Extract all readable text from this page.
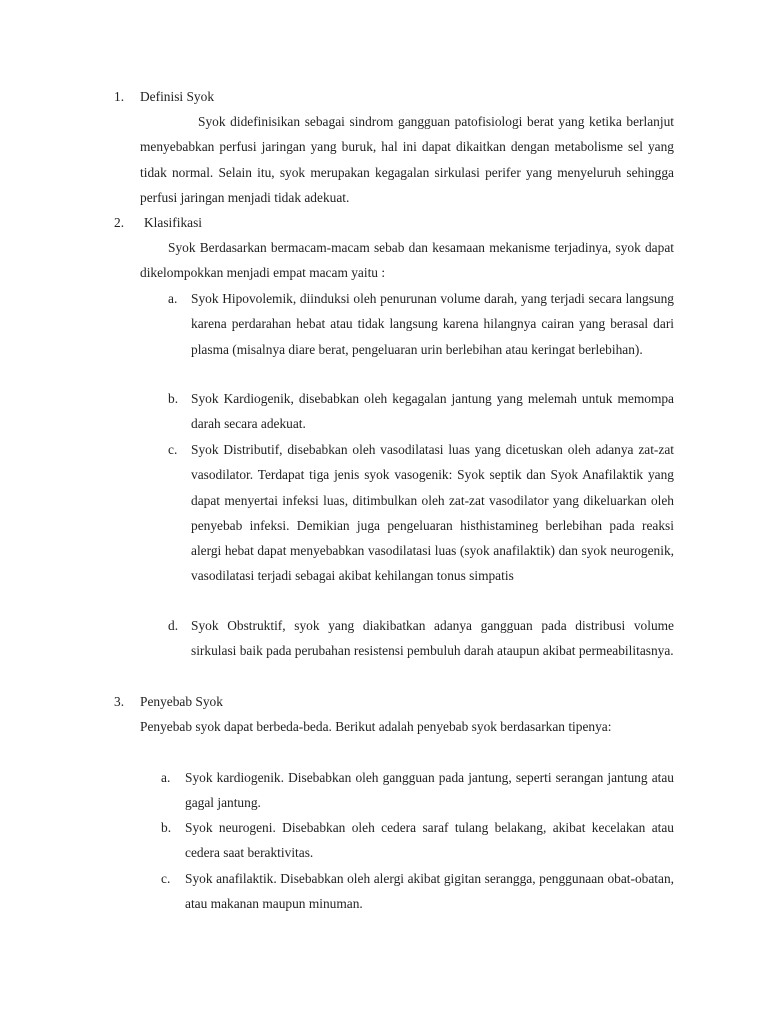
1. Definisi Syok
Syok didefinisikan sebagai sindrom gangguan patofisiologi berat yang ketika berlanjut menyebabkan perfusi jaringan yang buruk, hal ini dapat dikaitkan dengan metabolisme sel yang tidak normal. Selain itu, syok merupakan kegagalan sirkulasi perifer yang menyeluruh sehingga perfusi jaringan menjadi tidak adekuat.
2. Klasifikasi
Syok Berdasarkan bermacam-macam sebab dan kesamaan mekanisme terjadinya, syok dapat dikelompokkan menjadi empat macam yaitu :
a. Syok Hipovolemik, diinduksi oleh penurunan volume darah, yang terjadi secara langsung karena perdarahan hebat atau tidak langsung karena hilangnya cairan yang berasal dari plasma (misalnya diare berat, pengeluaran urin berlebihan atau keringat berlebihan).
b. Syok Kardiogenik, disebabkan oleh kegagalan jantung yang melemah untuk memompa darah secara adekuat.
c. Syok Distributif, disebabkan oleh vasodilatasi luas yang dicetuskan oleh adanya zat-zat vasodilator. Terdapat tiga jenis syok vasogenik: Syok septik dan Syok Anafilaktik yang dapat menyertai infeksi luas, ditimbulkan oleh zat-zat vasodilator yang dikeluarkan oleh penyebab infeksi. Demikian juga pengeluaran histhistamineg berlebihan pada reaksi alergi hebat dapat menyebabkan vasodilatasi luas (syok anafilaktik) dan syok neurogenik, vasodilatasi terjadi sebagai akibat kehilangan tonus simpatis
d. Syok Obstruktif, syok yang diakibatkan adanya gangguan pada distribusi volume sirkulasi baik pada perubahan resistensi pembuluh darah ataupun akibat permeabilitasnya.
3. Penyebab Syok
Penyebab syok dapat berbeda-beda. Berikut adalah penyebab syok berdasarkan tipenya:
a. Syok kardiogenik. Disebabkan oleh gangguan pada jantung, seperti serangan jantung atau gagal jantung.
b. Syok neurogeni. Disebabkan oleh cedera saraf tulang belakang, akibat kecelakan atau cedera saat beraktivitas.
c. Syok anafilaktik. Disebabkan oleh alergi akibat gigitan serangga, penggunaan obat-obatan, atau makanan maupun minuman.
